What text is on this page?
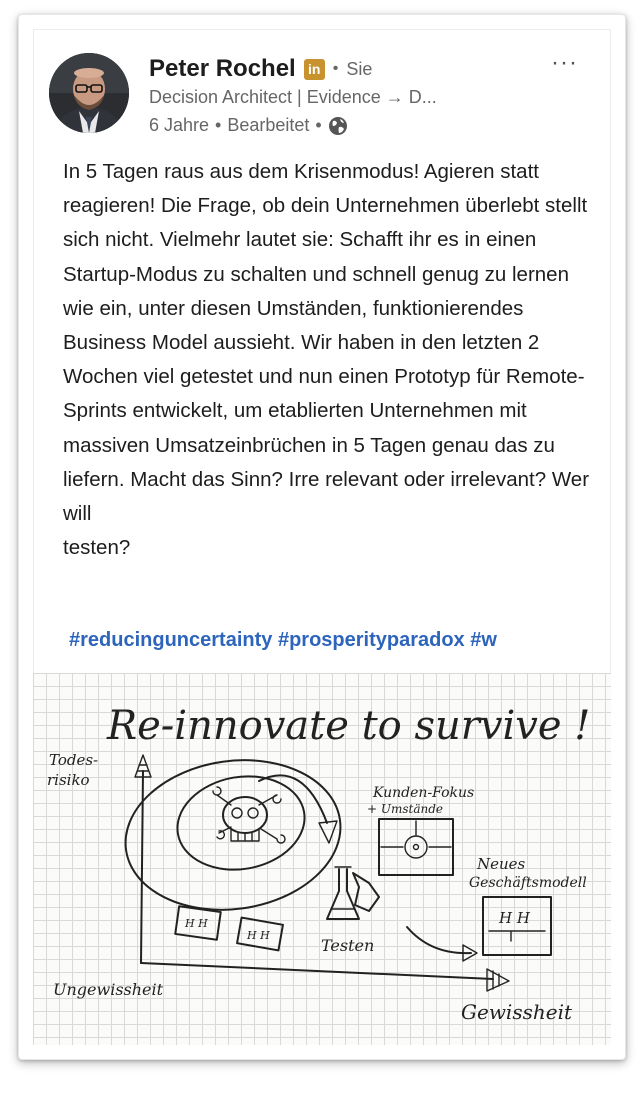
Peter Rochel in • Sie
Decision Architect | Evidence → D...
6 Jahre • Bearbeitet •
···

In 5 Tagen raus aus dem Krisenmodus! Agieren statt reagieren! Die Frage, ob dein Unternehmen überlebt stellt sich nicht. Vielmehr lautet sie: Schafft ihr es in einen Startup-Modus zu schalten und schnell genug zu lernen wie ein, unter diesen Umständen, funktionierendes Business Model aussieht. Wir haben in den letzten 2 Wochen viel getestet und nun einen Prototyp für Remote-Sprints entwickelt, um etablierten Unternehmen mit massiven Umsatzeinbrüchen in 5 Tagen genau das zu liefern. Macht das Sinn? Irre relevant oder irrelevant? Wer will

testen?

#reducinguncertainty #prosperityparadox #w
Re-innovate to survive !
Todes-
risiko
Ungewissheit
Gewissheit
Kunden-Fokus
+ Umstände
Testen
Neues
Geschäftsmodell
H H
H H
H H
